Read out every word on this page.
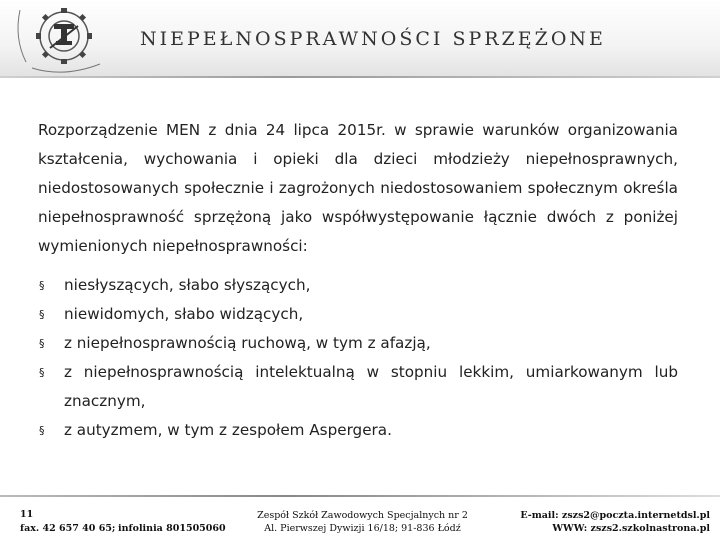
NIEPEŁNOSPRAWNOŚCI SPRZĘŻONE

Rozporządzenie MEN z dnia 24 lipca 2015r. w sprawie warunków organizowania kształcenia, wychowania i opieki dla dzieci młodzieży niepełnosprawnych, niedostosowanych społecznie i zagrożonych niedostosowaniem społecznym określa niepełnosprawność sprzężoną jako współwystępowanie łącznie dwóch z poniżej wymienionych niepełnosprawności:

§ niesłyszących, słabo słyszących,
§ niewidomych, słabo widzących,
§ z niepełnosprawnością ruchową, w tym z afazją,
§ z niepełnosprawnością intelektualną w stopniu lekkim, umiarkowanym lub znacznym,
§ z autyzmem, w tym z zespołem Aspergera.
11
fax. 42 657 40 65; infolinia 801505060
Zespół Szkół Zawodowych Specjalnych nr 2
Al. Pierwszej Dywizji 16/18; 91-836 Łódź
E-mail: zszs2@poczta.internetdsl.pl
WWW: zszs2.szkolnastrona.pl
